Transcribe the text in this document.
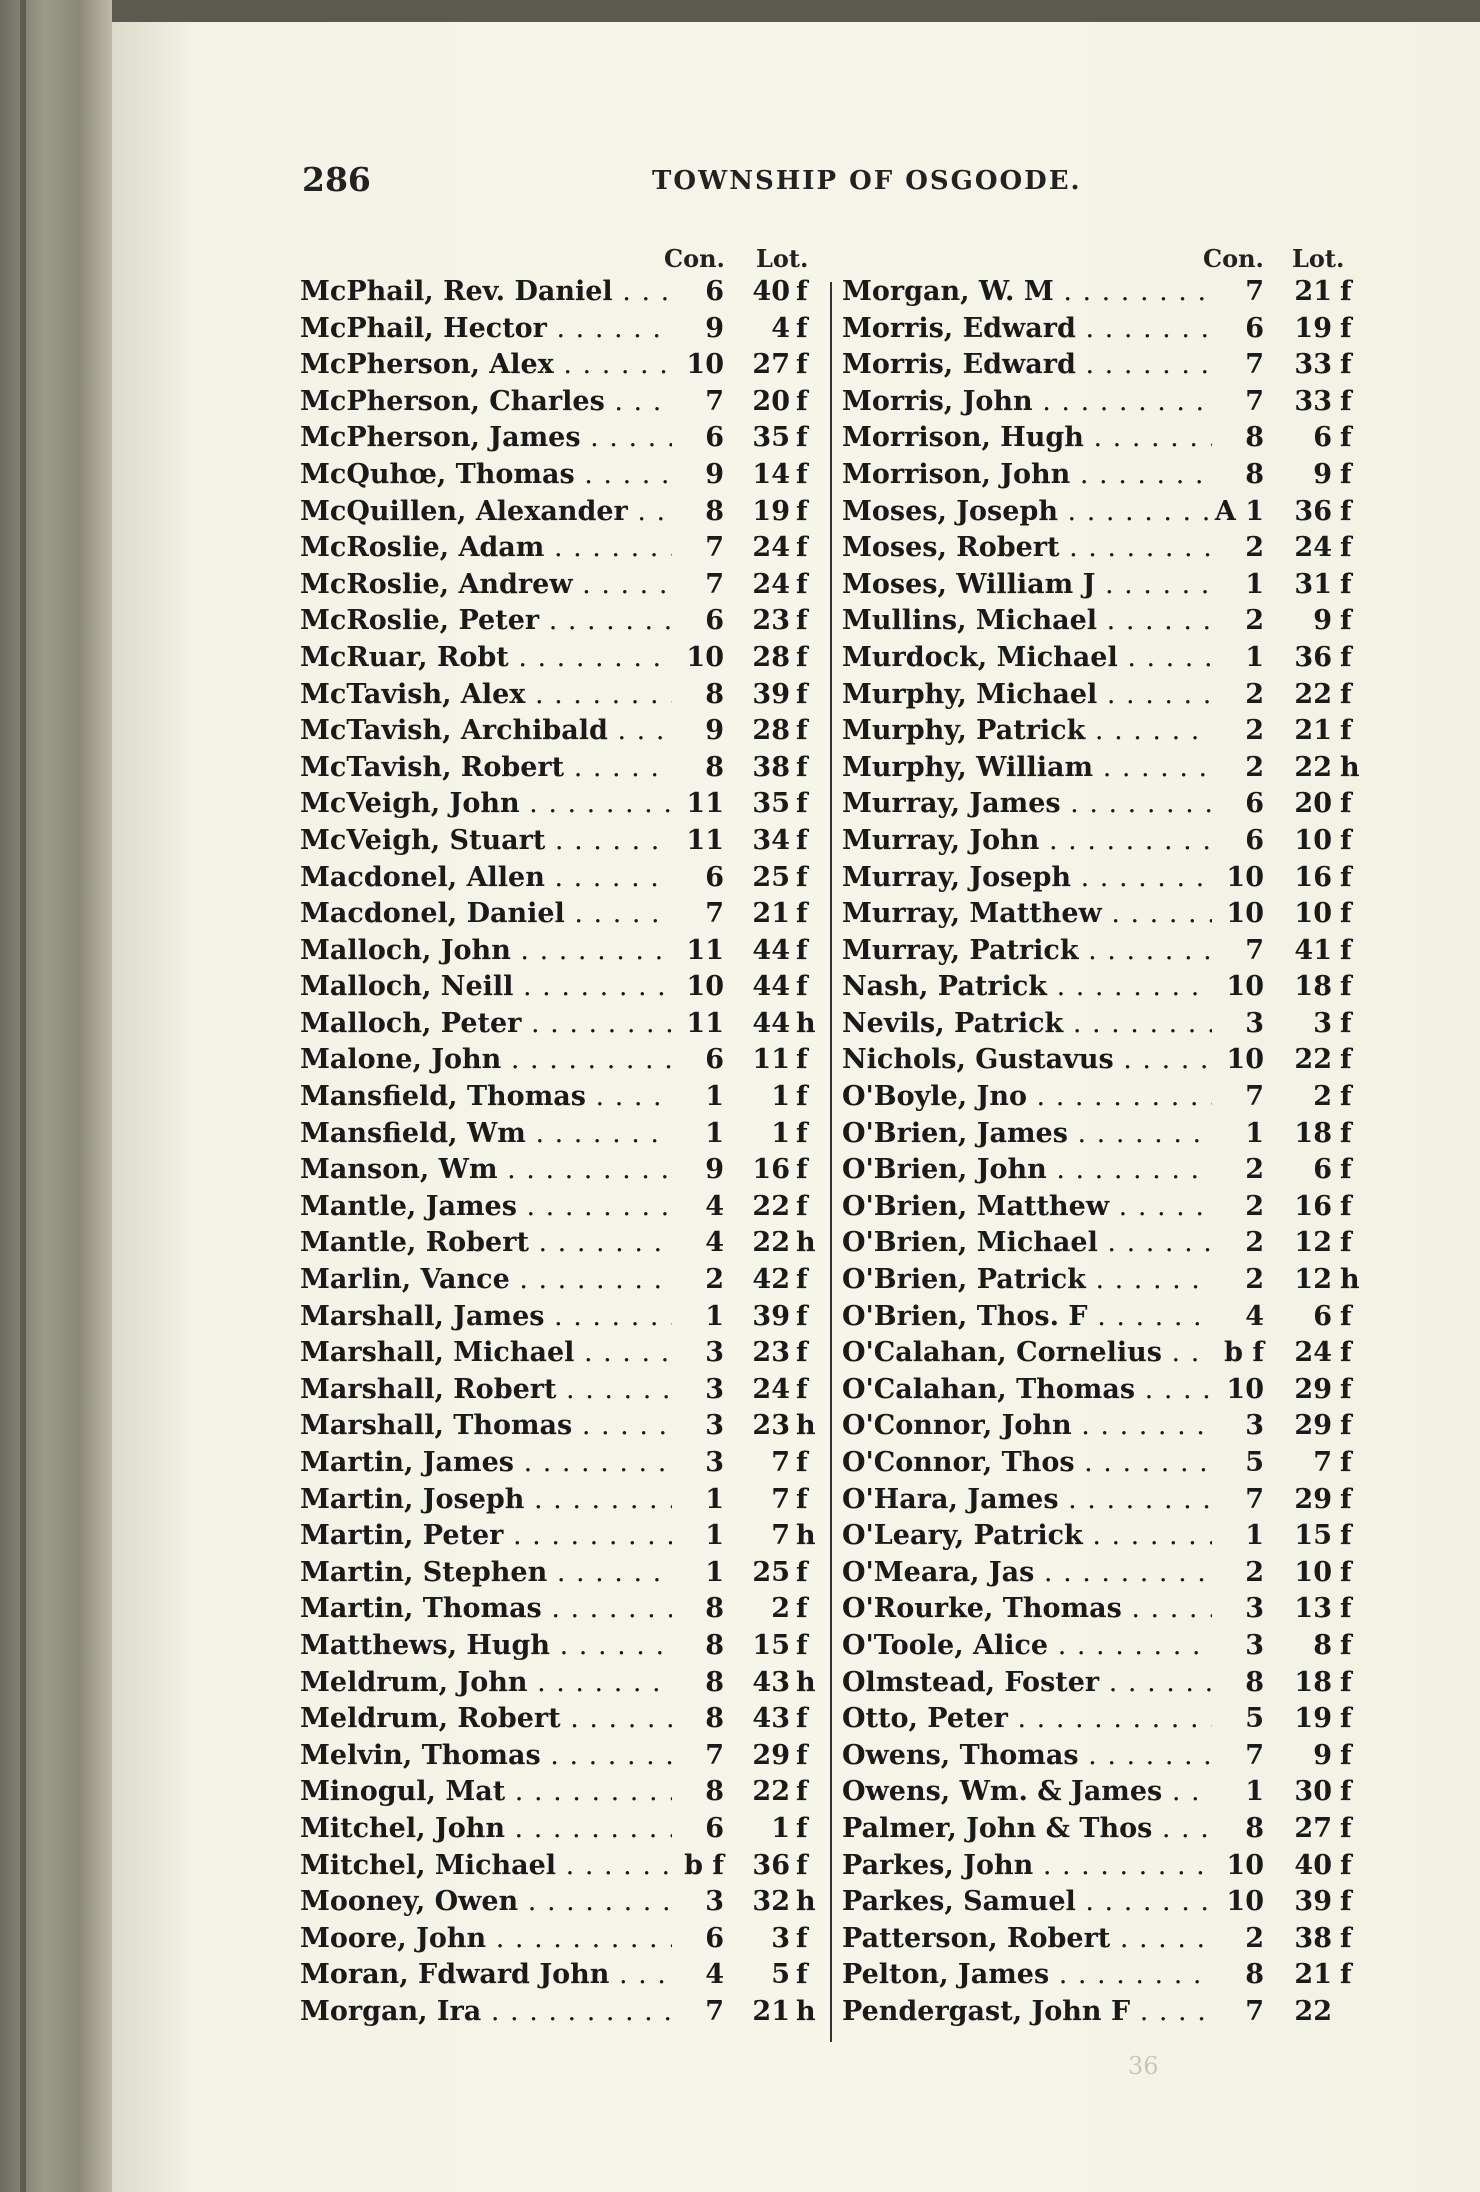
286	TOWNSHIP OF OSGOODE.
Con. Lot.	Con. Lot.
McPhail, Rev. Daniel . . .	6	40 f
McPhail, Hector . . .	9	4 f
McPherson, Alex . . .	10	27 f
McPherson, Charles . . .	7	20 f
McPherson, James . . .	6	35 f
McQuhœ, Thomas . . .	9	14 f
McQuillen, Alexander . . .	8	19 f
McRoslie, Adam . . .	7	24 f
McRoslie, Andrew . . .	7	24 f
McRoslie, Peter . . .	6	23 f
McRuar, Robt . . .	10	28 f
McTavish, Alex . . .	8	39 f
McTavish, Archibald . . .	9	28 f
McTavish, Robert . . .	8	38 f
McVeigh, John . . .	11	35 f
McVeigh, Stuart . . .	11	34 f
Macdonel, Allen . . .	6	25 f
Macdonel, Daniel . . .	7	21 f
Malloch, John . . .	11	44 f
Malloch, Neill . . .	10	44 f
Malloch, Peter . . .	11	44 h
Malone, John . . .	6	11 f
Mansfield, Thomas . . .	1	1 f
Mansfield, Wm . . .	1	1 f
Manson, Wm . . .	9	16 f
Mantle, James . . .	4	22 f
Mantle, Robert . . .	4	22 h
Marlin, Vance . . .	2	42 f
Marshall, James . . .	1	39 f
Marshall, Michael . . .	3	23 f
Marshall, Robert . . .	3	24 f
Marshall, Thomas . . .	3	23 h
Martin, James . . .	3	7 f
Martin, Joseph . . .	1	7 f
Martin, Peter . . .	1	7 h
Martin, Stephen . . .	1	25 f
Martin, Thomas . . .	8	2 f
Matthews, Hugh . . .	8	15 f
Meldrum, John . . .	8	43 h
Meldrum, Robert . . .	8	43 f
Melvin, Thomas . . .	7	29 f
Minogul, Mat . . .	8	22 f
Mitchel, John . . .	6	1 f
Mitchel, Michael . . .	b f	36 f
Mooney, Owen . . .	3	32 h
Moore, John . . .	6	3 f
Moran, Fdward John . . .	4	5 f
Morgan, Ira . . .	7	21 h
Morgan, W. M . . .	7	21 f
Morris, Edward . . .	6	19 f
Morris, Edward . . .	7	33 f
Morris, John . . .	7	33 f
Morrison, Hugh . . .	8	6 f
Morrison, John . . .	8	9 f
Moses, Joseph . . .	A 1	36 f
Moses, Robert . . .	2	24 f
Moses, William J . . .	1	31 f
Mullins, Michael . . .	2	9 f
Murdock, Michael . . .	1	36 f
Murphy, Michael . . .	2	22 f
Murphy, Patrick . . .	2	21 f
Murphy, William . . .	2	22 h
Murray, James . . .	6	20 f
Murray, John . . .	6	10 f
Murray, Joseph . . .	10	16 f
Murray, Matthew . . .	10	10 f
Murray, Patrick . . .	7	41 f
Nash, Patrick . . .	10	18 f
Nevils, Patrick . . .	3	3 f
Nichols, Gustavus . . .	10	22 f
O'Boyle, Jno . . .	7	2 f
O'Brien, James . . .	1	18 f
O'Brien, John . . .	2	6 f
O'Brien, Matthew . . .	2	16 f
O'Brien, Michael . . .	2	12 f
O'Brien, Patrick . . .	2	12 h
O'Brien, Thos. F . . .	4	6 f
O'Calahan, Cornelius . . .	b f	24 f
O'Calahan, Thomas . . .	10	29 f
O'Connor, John . . .	3	29 f
O'Connor, Thos . . .	5	7 f
O'Hara, James . . .	7	29 f
O'Leary, Patrick . . .	1	15 f
O'Meara, Jas . . .	2	10 f
O'Rourke, Thomas . . .	3	13 f
O'Toole, Alice . . .	3	8 f
Olmstead, Foster . . .	8	18 f
Otto, Peter . . .	5	19 f
Owens, Thomas . . .	7	9 f
Owens, Wm. & James . . .	1	30 f
Palmer, John & Thos . . .	8	27 f
Parkes, John . . .	10	40 f
Parkes, Samuel . . .	10	39 f
Patterson, Robert . . .	2	38 f
Pelton, James . . .	8	21 f
Pendergast, John F . . .	7	22
36
